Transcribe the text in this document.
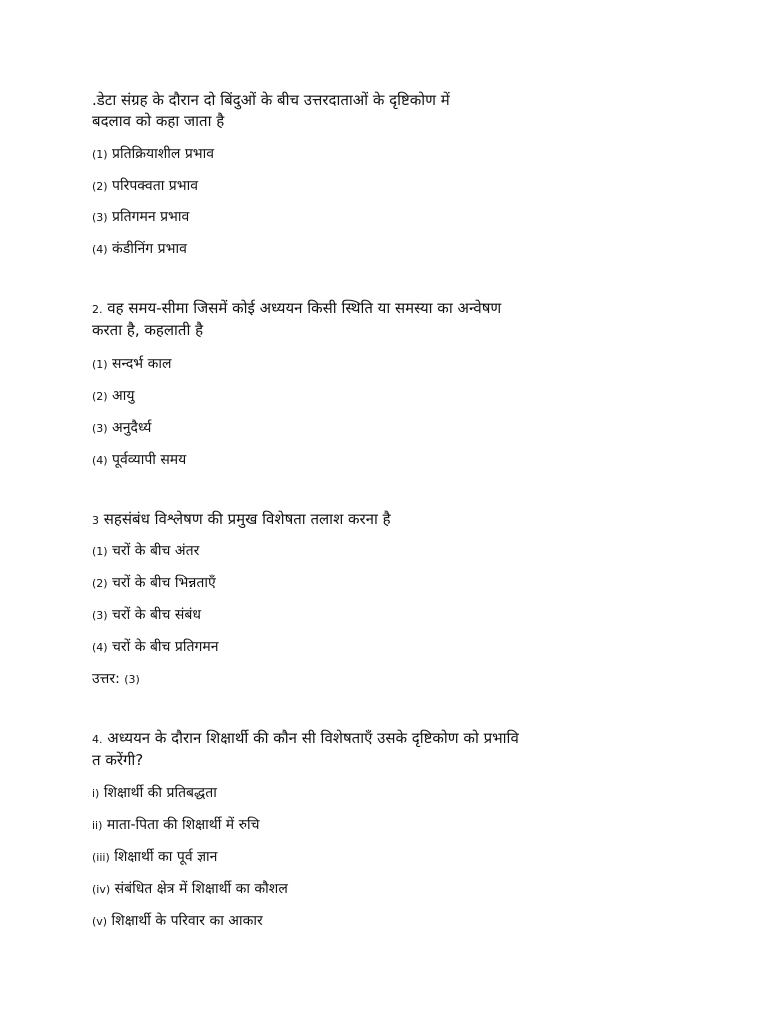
.डेटा संग्रह के दौरान दो बिंदुओं के बीच उत्तरदाताओं के दृष्टिकोण में
बदलाव को कहा जाता है
(1) प्रतिक्रियाशील प्रभाव
(2) परिपक्वता प्रभाव
(3) प्रतिगमन प्रभाव
(4) कंडीनिंग प्रभाव
2. वह समय-सीमा जिसमें कोई अध्ययन किसी स्थिति या समस्या का अन्वेषण
करता है, कहलाती है
(1) सन्दर्भ काल
(2) आयु
(3) अनुदैर्ध्य
(4) पूर्वव्यापी समय
3 सहसंबंध विश्लेषण की प्रमुख विशेषता तलाश करना है
(1) चरों के बीच अंतर
(2) चरों के बीच भिन्नताएँ
(3) चरों के बीच संबंध
(4) चरों के बीच प्रतिगमन
उत्तर: (3)
4. अध्ययन के दौरान शिक्षार्थी की कौन सी विशेषताएँ उसके दृष्टिकोण को प्रभावि
त करेंगी?
i) शिक्षार्थी की प्रतिबद्धता
ii) माता-पिता की शिक्षार्थी में रुचि
(iii) शिक्षार्थी का पूर्व ज्ञान
(iv) संबंधित क्षेत्र में शिक्षार्थी का कौशल
(v) शिक्षार्थी के परिवार का आकार
